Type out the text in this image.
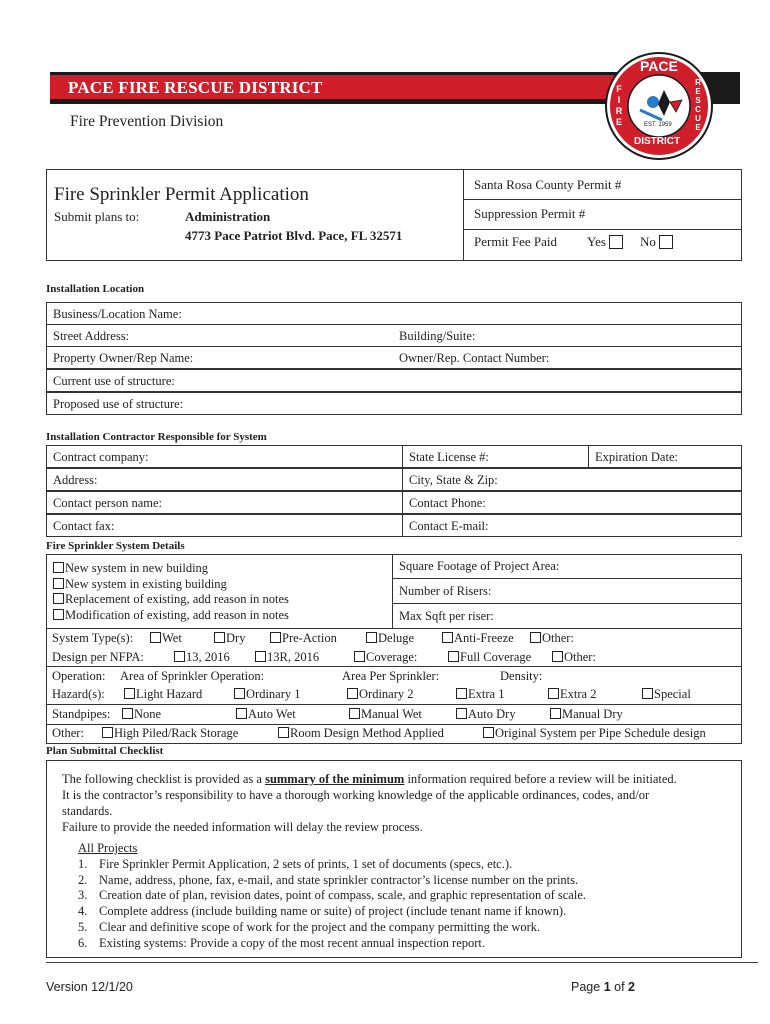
PACE FIRE RESCUE DISTRICT
Fire Prevention Division
PACE
F
I
R
E
R
E
S
C
U
E
EST. 1959
DISTRICT
Fire Sprinkler Permit Application
Submit plans to:	Administration
4773 Pace Patriot Blvd. Pace, FL 32571
Santa Rosa County Permit #
Suppression Permit #
Permit Fee Paid Yes	No
Installation Location
Business/Location Name:
Street Address:	Building/Suite:
Property Owner/Rep Name:	Owner/Rep. Contact Number:
Current use of structure:
Proposed use of structure:
Installation Contractor Responsible for System
Contract company:	State License #:	Expiration Date:
Address:	City, State & Zip:
Contact person name:	Contact Phone:
Contact fax:	Contact E-mail:
Fire Sprinkler System Details
New system in new building
New system in existing building
Replacement of existing, add reason in notes
Modification of existing, add reason in notes
Square Footage of Project Area:
Number of Risers:
Max Sqft per riser:
System Type(s):	Wet	Dry	Pre-Action	Deluge	Anti-Freeze	Other:
Design per NFPA:	13, 2016	13R, 2016	Coverage:	Full Coverage	Other:
Operation: Area of Sprinkler Operation:	Area Per Sprinkler:	Density:
Hazard(s):	Light Hazard	Ordinary 1	Ordinary 2	Extra 1	Extra 2	Special
Standpipes:	None	Auto Wet	Manual Wet	Auto Dry	Manual Dry
Other:	High Piled/Rack Storage	Room Design Method Applied	Original System per Pipe Schedule design
Plan Submittal Checklist
The following checklist is provided as a summary of the minimum information required before a review will be initiated.
It is the contractor’s responsibility to have a thorough working knowledge of the applicable ordinances, codes, and/or
standards.
Failure to provide the needed information will delay the review process.
All Projects
1. Fire Sprinkler Permit Application, 2 sets of prints, 1 set of documents (specs, etc.).
2. Name, address, phone, fax, e-mail, and state sprinkler contractor’s license number on the prints.
3. Creation date of plan, revision dates, point of compass, scale, and graphic representation of scale.
4. Complete address (include building name or suite) of project (include tenant name if known).
5. Clear and definitive scope of work for the project and the company permitting the work.
6. Existing systems: Provide a copy of the most recent annual inspection report.
Version 12/1/20	Page 1 of 2
